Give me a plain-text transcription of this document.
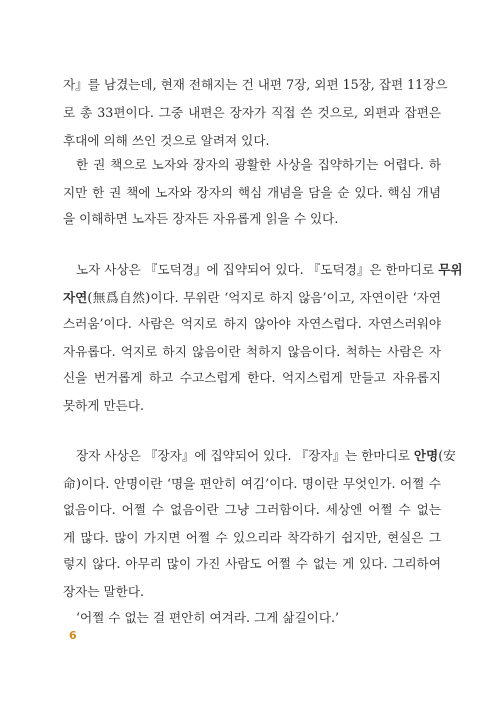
자』를 남겼는데, 현재 전해지는 건 내편 7장, 외편 15장, 잡편 11장으
로 총 33편이다. 그중 내편은 장자가 직접 쓴 것으로, 외편과 잡편은
후대에 의해 쓰인 것으로 알려져 있다.
한 권 책으로 노자와 장자의 광활한 사상을 집약하기는 어렵다. 하
지만 한 권 책에 노자와 장자의 핵심 개념을 담을 순 있다. 핵심 개념
을 이해하면 노자든 장자든 자유롭게 읽을 수 있다.
노자 사상은 『도덕경』에 집약되어 있다. 『도덕경』은 한마디로 무위
자연(無爲自然)이다. 무위란 ‘억지로 하지 않음’이고, 자연이란 ‘자연
스러움’이다. 사람은 억지로 하지 않아야 자연스럽다. 자연스러워야
자유롭다. 억지로 하지 않음이란 척하지 않음이다. 척하는 사람은 자
신을 번거롭게 하고 수고스럽게 한다. 억지스럽게 만들고 자유롭지
못하게 만든다.
장자 사상은 『장자』에 집약되어 있다. 『장자』는 한마디로 안명(安
命)이다. 안명이란 ‘명을 편안히 여김’이다. 명이란 무엇인가. 어쩔 수
없음이다. 어쩔 수 없음이란 그냥 그러함이다. 세상엔 어쩔 수 없는
게 많다. 많이 가지면 어쩔 수 있으리라 착각하기 쉽지만, 현실은 그
렇지 않다. 아무리 많이 가진 사람도 어쩔 수 없는 게 있다. 그리하여
장자는 말한다.
‘어쩔 수 없는 걸 편안히 여겨라. 그게 삶길이다.’
6
